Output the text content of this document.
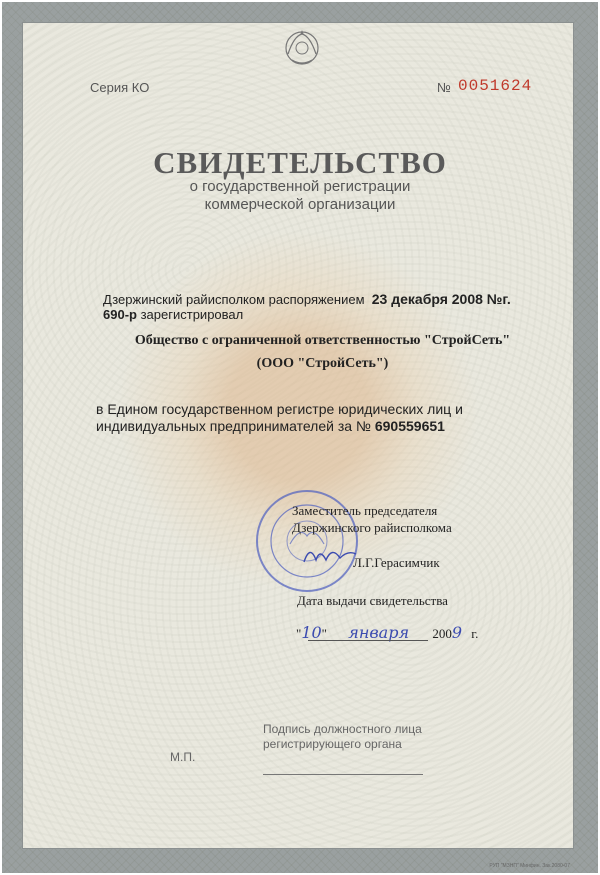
Серия КО	№ 0051624
СВИДЕТЕЛЬСТВО
о государственной регистрации
коммерческой организации
Дзержинский райисполком распоряжением 23 декабря 2008 №г.
690-р зарегистрировал
Общество с ограниченной ответственностью "СтройСеть"
(ООО "СтройСеть")
в Едином государственном регистре юридических лиц и
индивидуальных предпринимателей за № 690559651
Заместитель председателя
Дзержинского райисполкома
Л.Г.Герасимчик
Дата выдачи свидетельства
"10" января 2009 г.
М.П.
Подпись должностного лица
регистрирующего органа
РУП "МЗНП" Минфин. Зак.2080-07
